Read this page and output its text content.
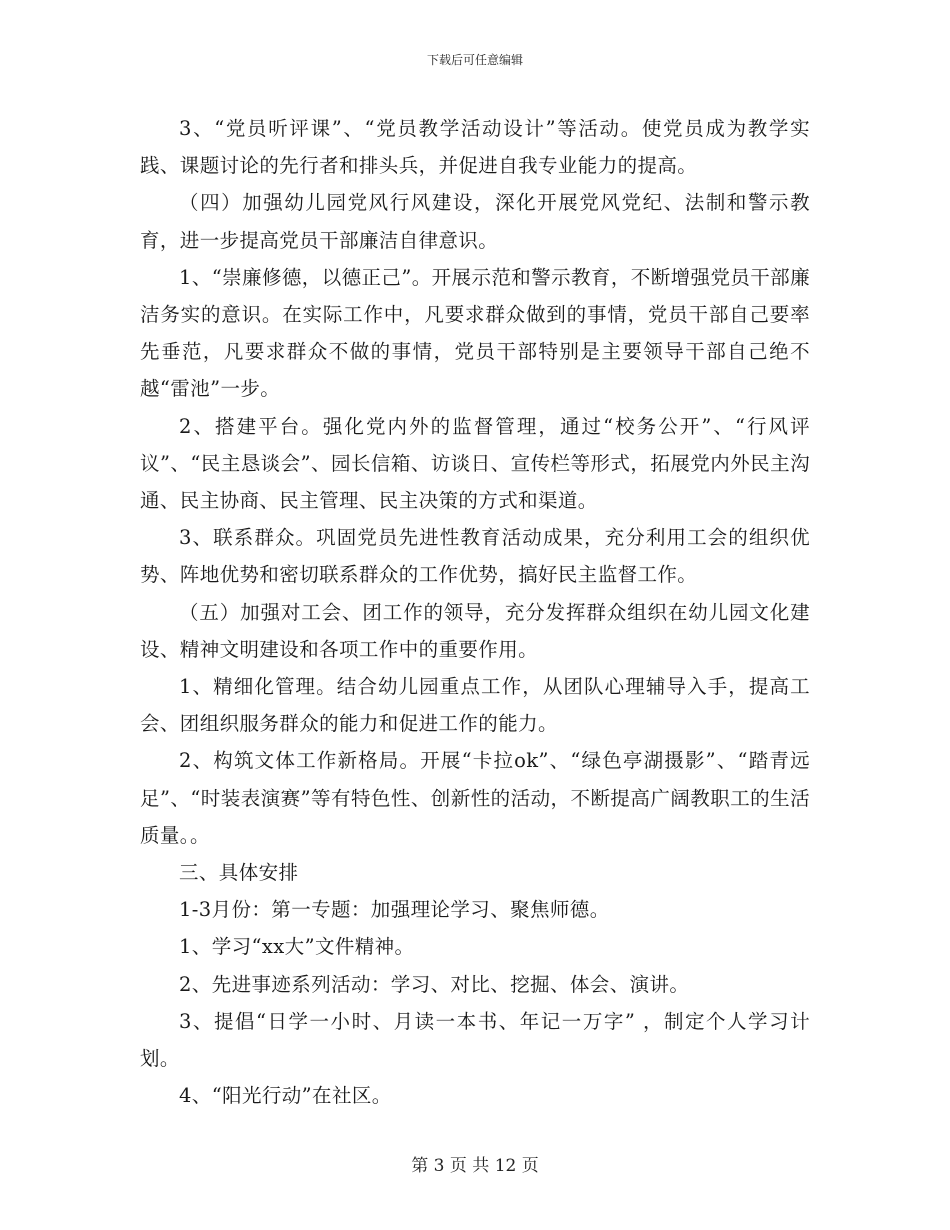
下载后可任意编辑

3、“党员听评课”、“党员教学活动设计”等活动。使党员成为教学实践、课题讨论的先行者和排头兵，并促进自我专业能力的提高。

（四）加强幼儿园党风行风建设，深化开展党风党纪、法制和警示教育，进一步提高党员干部廉洁自律意识。

1、“崇廉修德，以德正己”。开展示范和警示教育，不断增强党员干部廉洁务实的意识。在实际工作中，凡要求群众做到的事情，党员干部自己要率先垂范，凡要求群众不做的事情，党员干部特别是主要领导干部自己绝不越“雷池”一步。

2、搭建平台。强化党内外的监督管理，通过“校务公开”、“行风评议”、“民主恳谈会”、园长信箱、访谈日、宣传栏等形式，拓展党内外民主沟通、民主协商、民主管理、民主决策的方式和渠道。

3、联系群众。巩固党员先进性教育活动成果，充分利用工会的组织优势、阵地优势和密切联系群众的工作优势，搞好民主监督工作。

（五）加强对工会、团工作的领导，充分发挥群众组织在幼儿园文化建设、精神文明建设和各项工作中的重要作用。

1、精细化管理。结合幼儿园重点工作，从团队心理辅导入手，提高工会、团组织服务群众的能力和促进工作的能力。

2、构筑文体工作新格局。开展“卡拉ok”、“绿色亭湖摄影”、“踏青远足”、“时装表演赛”等有特色性、创新性的活动，不断提高广阔教职工的生活质量。。

三、具体安排

1-3月份：第一专题：加强理论学习、聚焦师德。

1、学习“xx大”文件精神。

2、先进事迹系列活动：学习、对比、挖掘、体会、演讲。

3、提倡“日学一小时、月读一本书、年记一万字” ，制定个人学习计划。

4、“阳光行动”在社区。

第 3 页 共 12 页
